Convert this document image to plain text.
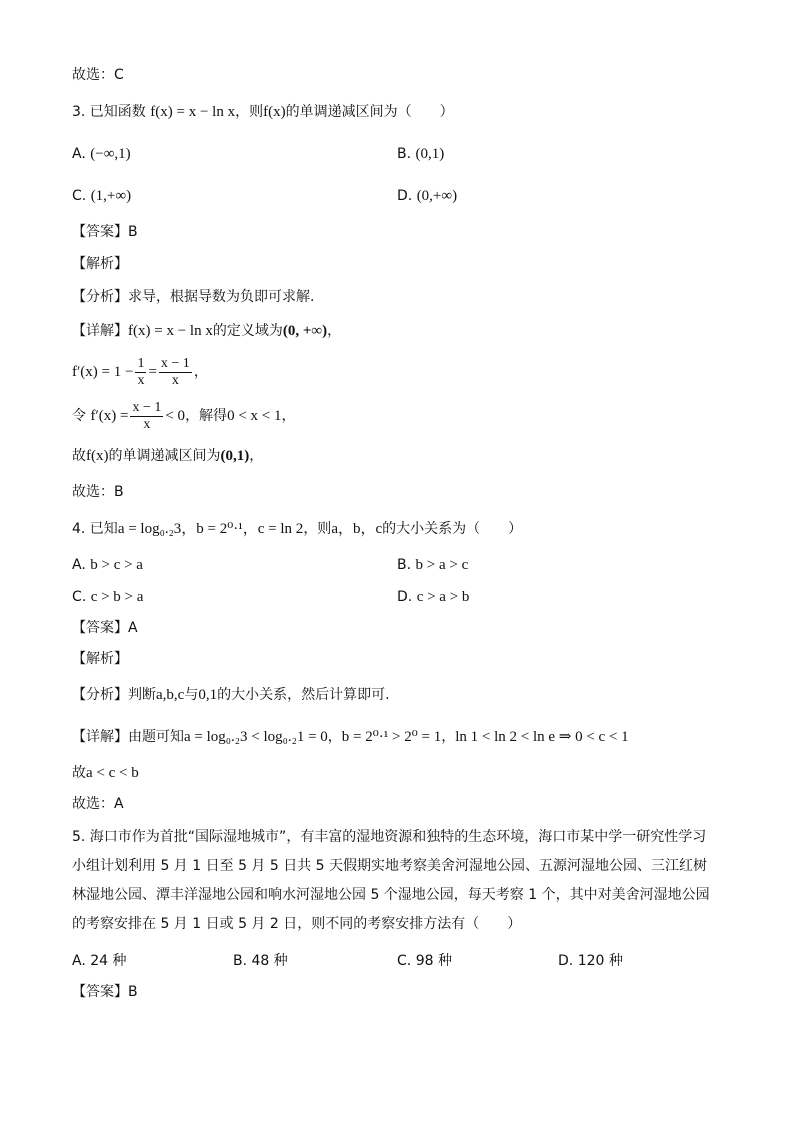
故选：C
3. 已知函数 f(x) = x − ln x，则f(x)的单调递减区间为（　　）
A. (−∞,1)	B. (0,1)
C. (1,+∞)	D. (0,+∞)
【答案】B
【解析】
【分析】求导，根据导数为负即可求解.
【详解】f(x) = x − ln x的定义域为(0, +∞)，
$f'(x) = 1 - \frac{1}{x} = \frac{x - 1}{x}$ ，
令 $f'(x) = \frac{x - 1}{x} < 0$，解得0 < x < 1，
故f(x)的单调递减区间为(0,1)，
故选：B
4. 已知a = log₀.₂3，b = 2⁰·¹，c = ln 2，则a，b，c的大小关系为（　　）
A. b > c > a	B. b > a > c
C. c > b > a	D. c > a > b
【答案】A
【解析】
【分析】判断a,b,c与0,1的大小关系，然后计算即可.
【详解】由题可知a = log₀.₂3 < log₀.₂1 = 0，b = 2⁰·¹ > 2⁰ = 1，ln 1 < ln 2 < ln e ⇒ 0 < c < 1
故a < c < b
故选：A
5. 海口市作为首批“国际湿地城市”，有丰富的湿地资源和独特的生态环境，海口市某中学一研究性学习小组计划利用 5 月 1 日至 5 月 5 日共 5 天假期实地考察美舍河湿地公园、五源河湿地公园、三江红树林湿地公园、潭丰洋湿地公园和响水河湿地公园 5 个湿地公园，每天考察 1 个，其中对美舍河湿地公园的考察安排在 5 月 1 日或 5 月 2 日，则不同的考察安排方法有（　　）
A. 24 种	B. 48 种	C. 98 种	D. 120 种
【答案】B
